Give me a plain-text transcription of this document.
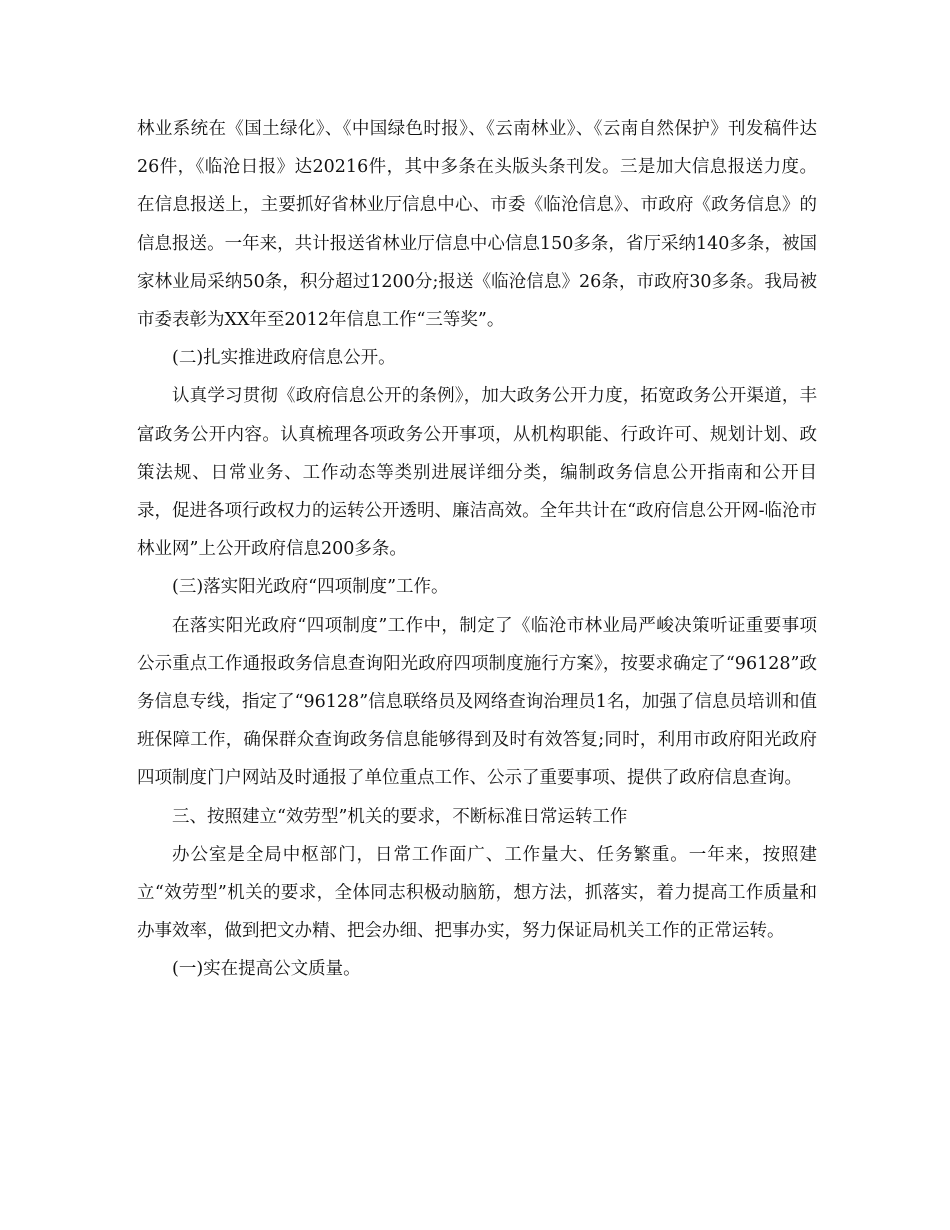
林业系统在《国土绿化》、《中国绿色时报》、《云南林业》、《云南自然保护》刊发稿件达26件，《临沧日报》达20216件，其中多条在头版头条刊发。三是加大信息报送力度。在信息报送上，主要抓好省林业厅信息中心、市委《临沧信息》、市政府《政务信息》的信息报送。一年来，共计报送省林业厅信息中心信息150多条，省厅采纳140多条，被国家林业局采纳50条，积分超过1200分;报送《临沧信息》26条，市政府30多条。我局被市委表彰为XX年至2012年信息工作“三等奖”。

(二)扎实推进政府信息公开。

认真学习贯彻《政府信息公开的条例》，加大政务公开力度，拓宽政务公开渠道，丰富政务公开内容。认真梳理各项政务公开事项，从机构职能、行政许可、规划计划、政策法规、日常业务、工作动态等类别进展详细分类，编制政务信息公开指南和公开目录，促进各项行政权力的运转公开透明、廉洁高效。全年共计在“政府信息公开网-临沧市林业网”上公开政府信息200多条。

(三)落实阳光政府“四项制度”工作。

在落实阳光政府“四项制度”工作中，制定了《临沧市林业局严峻决策听证重要事项公示重点工作通报政务信息查询阳光政府四项制度施行方案》，按要求确定了“96128”政务信息专线，指定了“96128”信息联络员及网络查询治理员1名，加强了信息员培训和值班保障工作，确保群众查询政务信息能够得到及时有效答复;同时，利用市政府阳光政府四项制度门户网站及时通报了单位重点工作、公示了重要事项、提供了政府信息查询。

三、按照建立“效劳型”机关的要求，不断标准日常运转工作

办公室是全局中枢部门，日常工作面广、工作量大、任务繁重。一年来，按照建立“效劳型”机关的要求，全体同志积极动脑筋，想方法，抓落实，着力提高工作质量和办事效率，做到把文办精、把会办细、把事办实，努力保证局机关工作的正常运转。

(一)实在提高公文质量。
